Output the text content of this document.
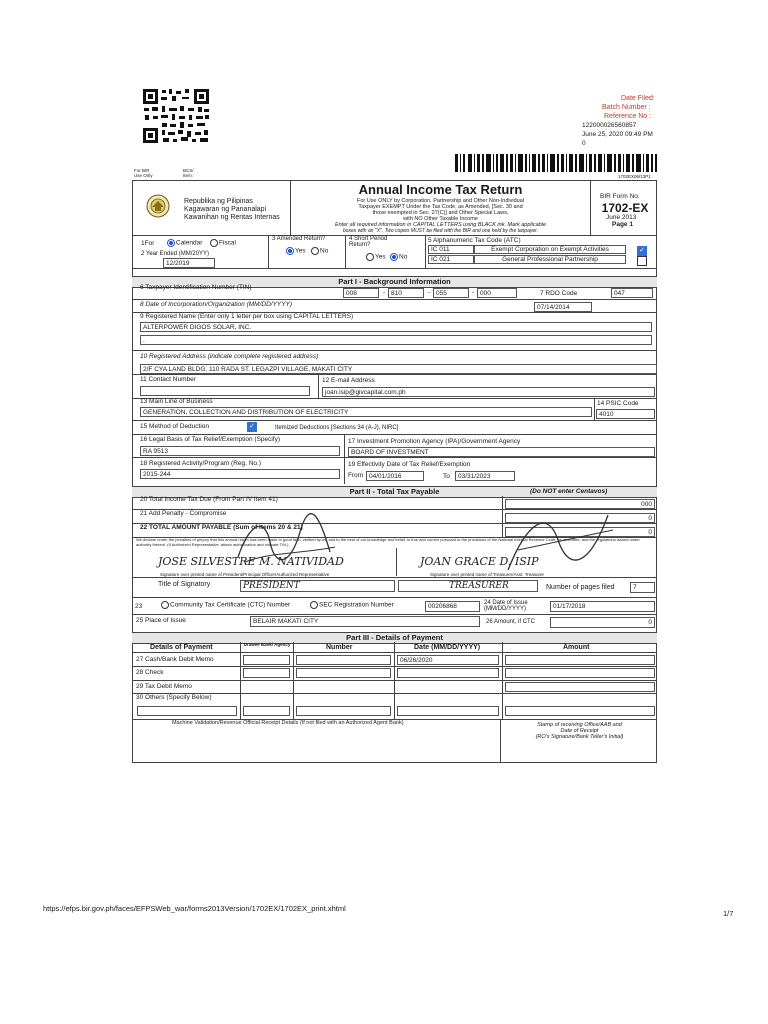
Date Filed:
Batch Number :
Reference No :
122000026560857
June 25, 2020 09:49 PM
0
1702EX06/13P1
For BIR Use Only
BCS/ Item:
Republika ng Pilipinas
Kagawaran ng Pananalapi
Kawanihan ng Rentas Internas
Annual Income Tax Return
For Use ONLY by Corporation, Partnership and Other Non-Individual
Taxpayer EXEMPT Under the Tax Code, as Amended, [Sec. 30 and
those exempted in Sec. 27(C)] and Other Special Laws,
with NO Other Taxable Income
Enter all required information in CAPITAL LETTERS using BLACK ink. Mark applicable
boxes with an "X". Two copies MUST be filed with the BIR and one held by the taxpayer.
BIR Form No.
1702-EX
June 2013
Page 1
1For	Calendar	Fiscal
2 Year Ended (MM/20YY)
12/2019
3 Amended Return?
Yes	No
4 Short Period Return?
Yes	No
5 Alphanumeric Tax Code (ATC)
IC 011	Exempt Corporation on Exempt Activities	✓
IC 021	General Professional Partnership
Part I - Background Information
6 Taxpayer Identification Number (TIN)
008	- 810	- 055	- 000	7 RDO Code	047
8 Date of Incorporation/Organization (MM/DD/YYYY)	07/14/2014
9 Registered Name (Enter only 1 letter per box using CAPITAL LETTERS)
ALTERPOWER DIGOS SOLAR, INC.
.
10 Registered Address (indicate complete registered address)
2/F CYA LAND BLDG. 110 RADA ST. LEGAZPI VILLAGE, MAKATI CITY
11 Contact Number	12 E-mail Address
joan.isip@givcapital.com.ph
13 Main Line of Business
GENERATION, COLLECTION AND DISTRIBUTION OF ELECTRICITY
14 PSIC Code
4010
15 Method of Deduction	✓	Itemized Deductions [Sections 34 (A-J), NIRC]
16 Legal Basis of Tax Relief/Exemption (Specify)
RA 9513
17 Investment Promotion Agency (IPA)/Government Agency
BOARD OF INVESTMENT
18 Registered Activity/Program (Reg. No.)
2015-244
19 Effectivity Date of Tax Relief/Exemption
From 04/01/2016	To	03/31/2023
Part II - Total Tax Payable	(Do NOT enter Centavos)
20 Total Income Tax Due (From Part IV Item 41)
000
21 Add Penalty - Compromise
0
22 TOTAL AMOUNT PAYABLE (Sum of Items 20 & 21)
0
We declare under the penalties of perjury that this annual return has been made in good faith, verified by us, and to the best of our knowledge and belief, is true and correct pursuant to the provisions of the National Internal Revenue Code, as amended, and the regulations issued under authority thereof. (If Authorized Representative, attach authorization and indicate TIN.)
JOSE SILVESTRE M. NATIVIDAD	JOAN GRACE D. ISIP
Signature over printed name of President/Principal Officer/Authorized Representative	Signature over printed name of Treasurer/Asst. Treasurer
Title of Signatory	PRESIDENT	TREASURER	Number of pages filed	7
23	Community Tax Certificate (CTC) Number	SEC Registration Number	00206868	24 Date of Issue (MM/DD/YYYY)	01/17/2018
25 Place of Issue	BELAIR MAKATI CITY	26 Amount, if CTC	0
Part III - Details of Payment
Details of Payment	Drawee Bank/ Agency	Number	Date (MM/DD/YYYY)	Amount
27 Cash/Bank Debit Memo	06/26/2020
28 Check
29 Tax Debit Memo
30 Others (Specify Below)
Machine Validation/Revenue Official Receipt Details (If not filed with an Authorized Agent Bank)	Stamp of receiving Office/AAB and
Date of Receipt
(RO's Signature/Bank Teller's Initial)
https://efps.bir.gov.ph/faces/EFPSWeb_war/forms2013Version/1702EX/1702EX_print.xhtml
1/7
